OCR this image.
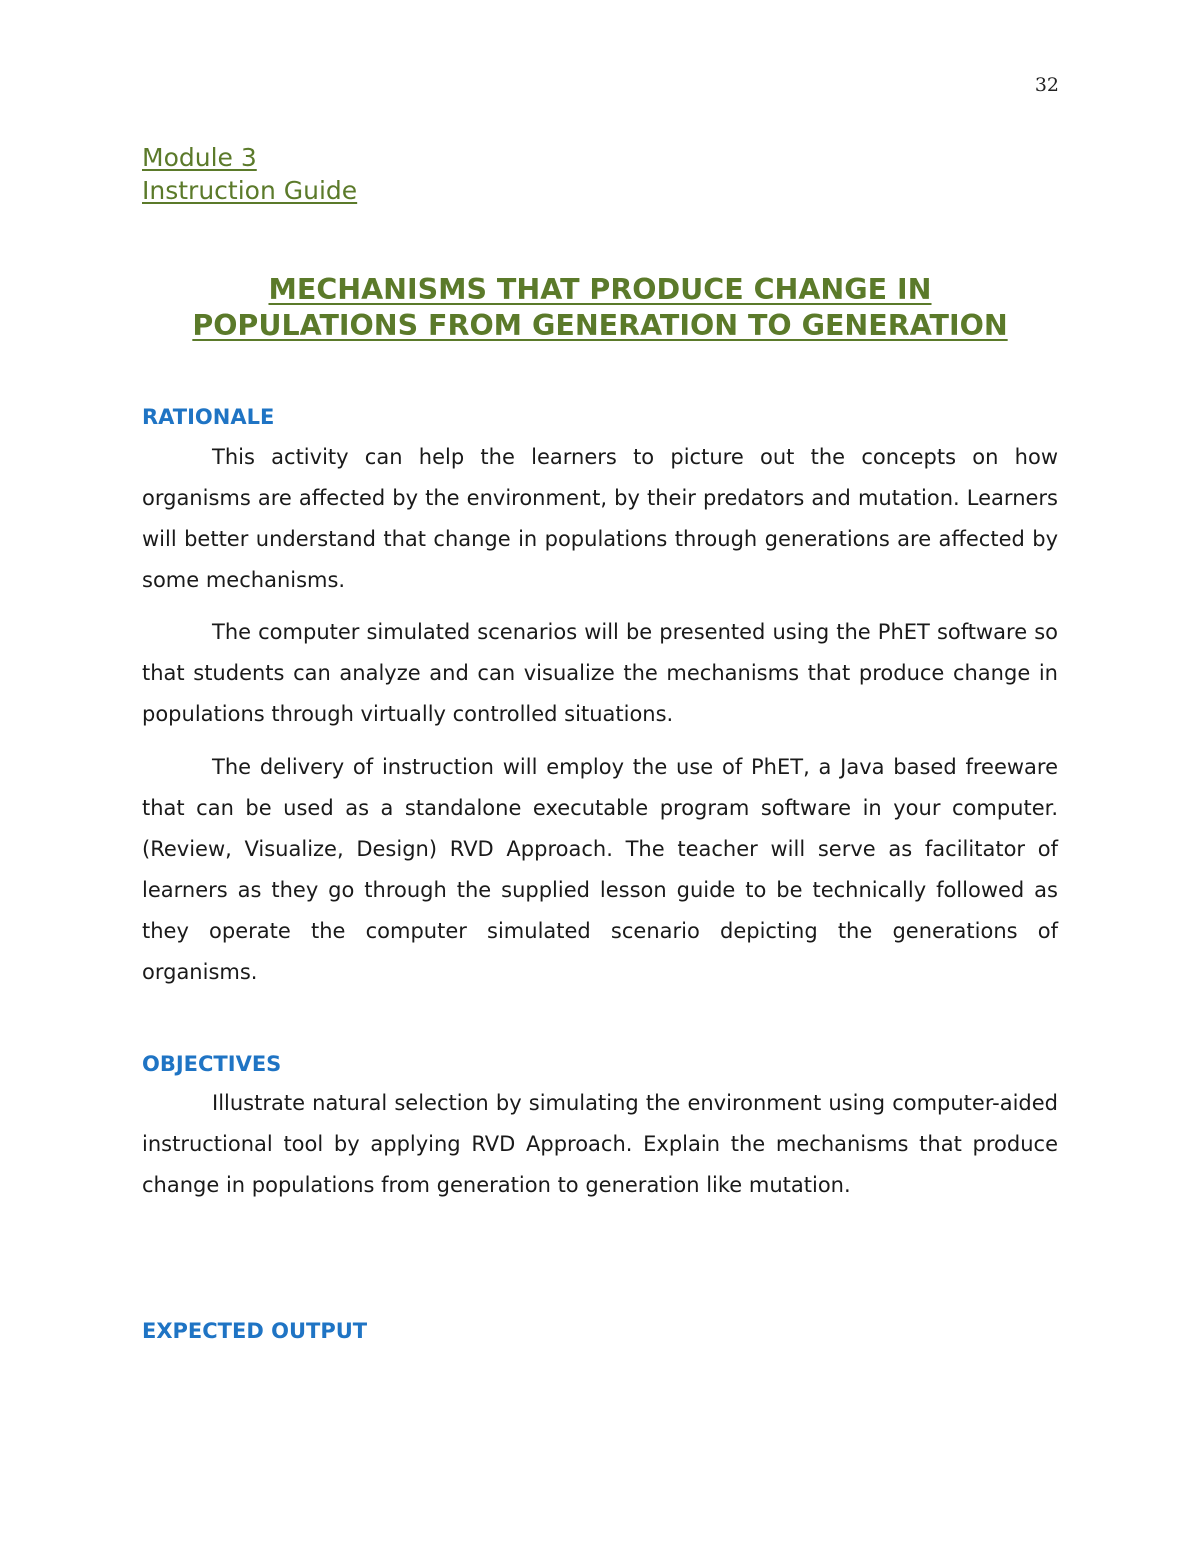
32
Module 3
Instruction Guide
MECHANISMS THAT PRODUCE CHANGE IN
POPULATIONS FROM GENERATION TO GENERATION
RATIONALE

This activity can help the learners to picture out the concepts on how organisms are affected by the environment, by their predators and mutation. Learners will better understand that change in populations through generations are affected by some mechanisms.

The computer simulated scenarios will be presented using the PhET software so that students can analyze and can visualize the mechanisms that produce change in populations through virtually controlled situations.

The delivery of instruction will employ the use of PhET, a Java based freeware that can be used as a standalone executable program software in your computer. (Review, Visualize, Design) RVD Approach. The teacher will serve as facilitator of learners as they go through the supplied lesson guide to be technically followed as they operate the computer simulated scenario depicting the generations of organisms.

OBJECTIVES

Illustrate natural selection by simulating the environment using computer-aided instructional tool by applying RVD Approach. Explain the mechanisms that produce change in populations from generation to generation like mutation.

EXPECTED OUTPUT
